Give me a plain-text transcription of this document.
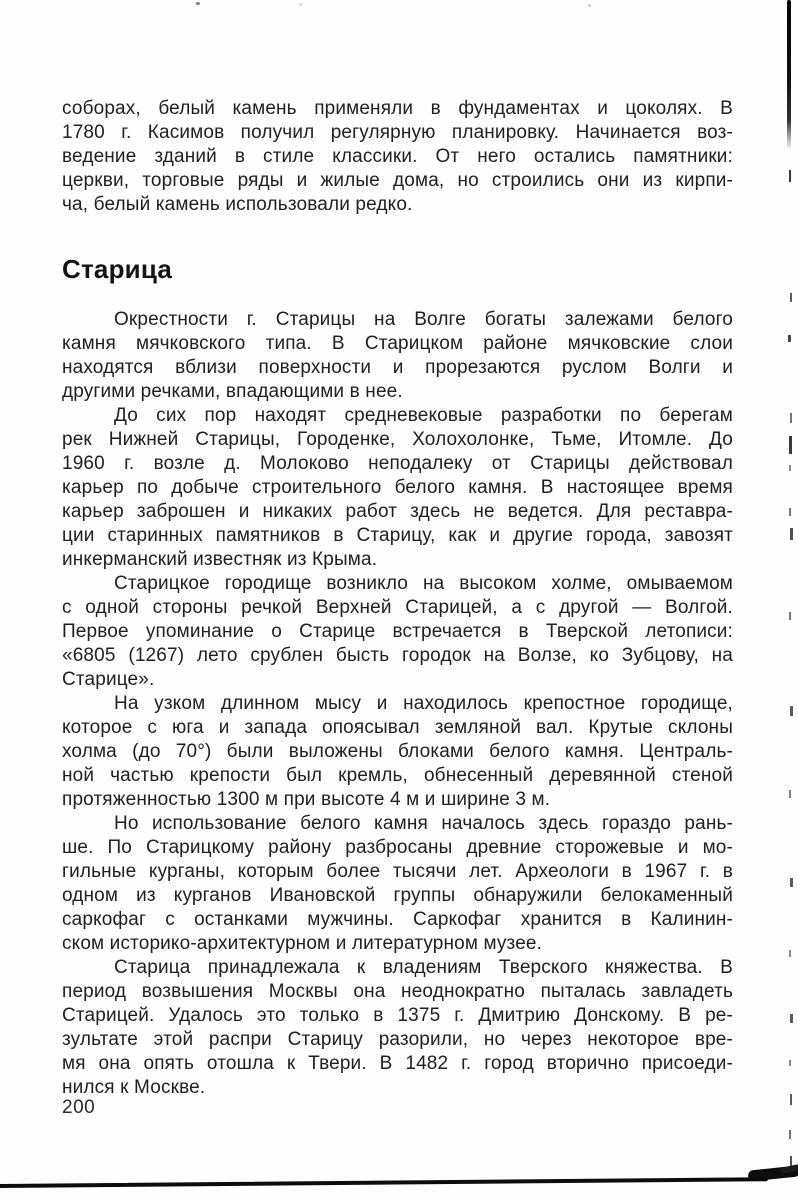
соборах, белый камень применяли в фундаментах и цоколях. В
1780 г. Касимов получил регулярную планировку. Начинается воз-
ведение зданий в стиле классики. От него остались памятники:
церкви, торговые ряды и жилые дома, но строились они из кирпи-
ча, белый камень использовали редко.

Старица

Окрестности г. Старицы на Волге богаты залежами белого
камня мячковского типа. В Старицком районе мячковские слои
находятся вблизи поверхности и прорезаются руслом Волги и
другими речками, впадающими в нее.

До сих пор находят средневековые разработки по берегам
рек Нижней Старицы, Городенке, Холохолонке, Тьме, Итомле. До
1960 г. возле д. Молоково неподалеку от Старицы действовал
карьер по добыче строительного белого камня. В настоящее время
карьер заброшен и никаких работ здесь не ведется. Для реставра-
ции старинных памятников в Старицу, как и другие города, завозят
инкерманский известняк из Крыма.

Старицкое городище возникло на высоком холме, омываемом
с одной стороны речкой Верхней Старицей, а с другой — Волгой.
Первое упоминание о Старице встречается в Тверской летописи:
«6805 (1267) лето срублен бысть городок на Волзе, ко Зубцову, на
Старице».

На узком длинном мысу и находилось крепостное городище,
которое с юга и запада опоясывал земляной вал. Крутые склоны
холма (до 70°) были выложены блоками белого камня. Централь-
ной частью крепости был кремль, обнесенный деревянной стеной
протяженностью 1300 м при высоте 4 м и ширине 3 м.

Но использование белого камня началось здесь гораздо рань-
ше. По Старицкому району разбросаны древние сторожевые и мо-
гильные курганы, которым более тысячи лет. Археологи в 1967 г. в
одном из курганов Ивановской группы обнаружили белокаменный
саркофаг с останками мужчины. Саркофаг хранится в Калинин-
ском историко-архитектурном и литературном музее.

Старица принадлежала к владениям Тверского княжества. В
период возвышения Москвы она неоднократно пыталась завладеть
Старицей. Удалось это только в 1375 г. Дмитрию Донскому. В ре-
зультате этой распри Старицу разорили, но через некоторое вре-
мя она опять отошла к Твери. В 1482 г. город вторично присоеди-
нился к Москве.

200
